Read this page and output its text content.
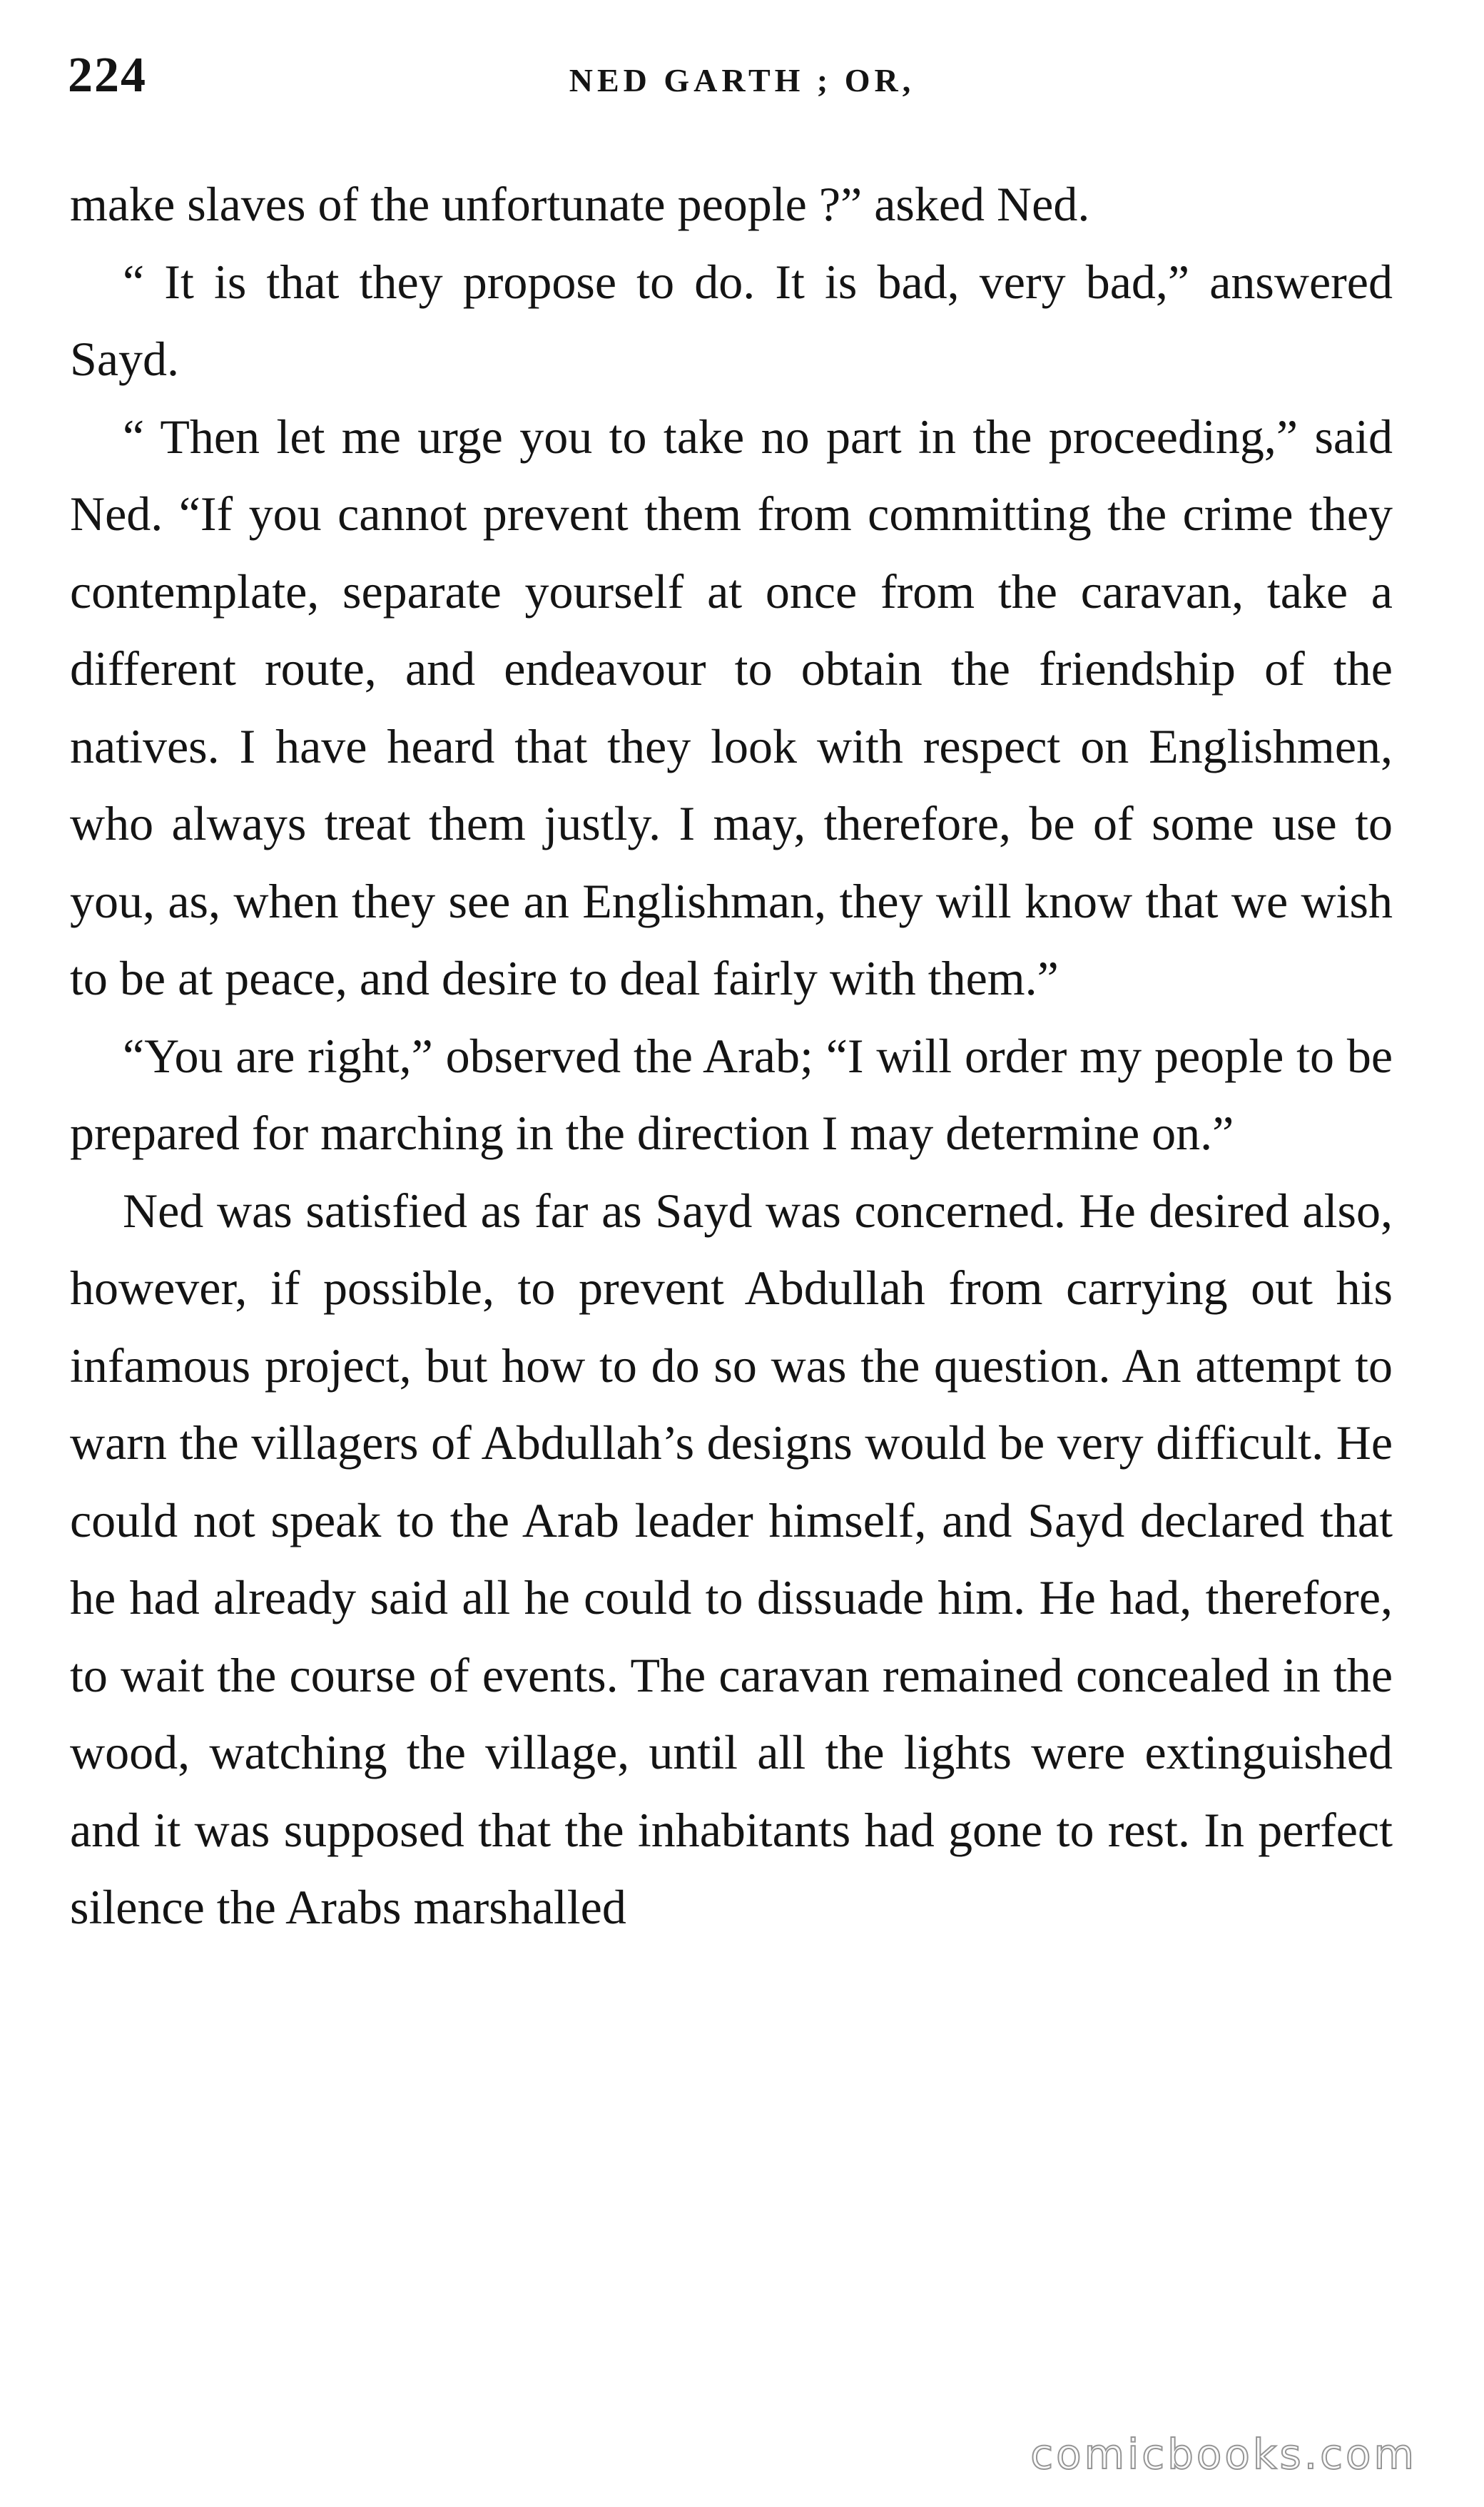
224	NED GARTH ; OR,

make slaves of the unfortunate people ?” asked Ned.

“ It is that they propose to do. It is bad, very bad,” answered Sayd.

“ Then let me urge you to take no part in the proceeding,” said Ned. “If you cannot prevent them from committing the crime they contemplate, separate yourself at once from the caravan, take a different route, and endeavour to obtain the friendship of the natives. I have heard that they look with respect on Englishmen, who always treat them justly. I may, therefore, be of some use to you, as, when they see an Englishman, they will know that we wish to be at peace, and desire to deal fairly with them.”

“You are right,” observed the Arab; “I will order my people to be prepared for marching in the direction I may determine on.”

Ned was satisfied as far as Sayd was concerned. He desired also, however, if possible, to prevent Abdullah from carrying out his infamous project, but how to do so was the question. An attempt to warn the villagers of Abdullah’s designs would be very difficult. He could not speak to the Arab leader himself, and Sayd declared that he had already said all he could to dissuade him. He had, therefore, to wait the course of events. The caravan remained concealed in the wood, watching the village, until all the lights were extinguished and it was supposed that the inhabitants had gone to rest. In perfect silence the Arabs marshalled

comicbooks.com
